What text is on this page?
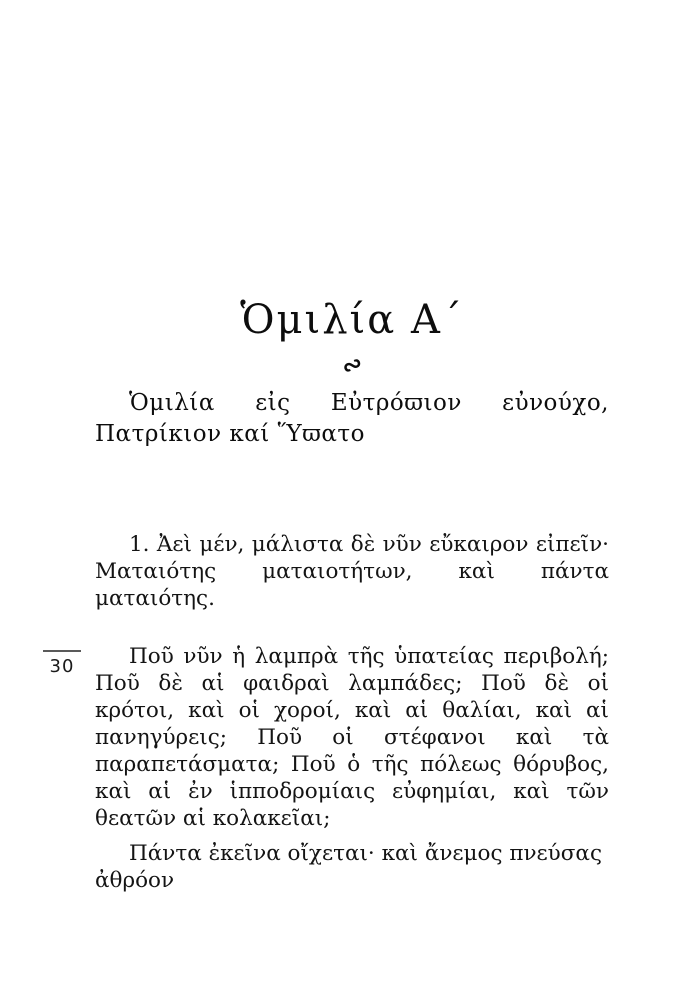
30
Ὁμιλία Α´
∾

Ὁμιλία εἰς Εὐτρόϖιον εὐνούχο, Πατρίκιον καί Ὕϖατο

1. Ἀεὶ μέν, μάλιστα δὲ νῦν εὔκαιρον εἰπεῖν· Ματαιότης ματαιοτήτων, καὶ πάντα ματαιότης.

Ποῦ νῦν ἡ λαμπρὰ τῆς ὑπατείας περιβολή; Ποῦ δὲ αἱ φαιδραὶ λαμπάδες; Ποῦ δὲ οἱ κρότοι, καὶ οἱ χοροί, καὶ αἱ θαλίαι, καὶ αἱ πανηγύρεις; Ποῦ οἱ στέφανοι καὶ τὰ παραπετάσματα; Ποῦ ὁ τῆς πόλεως θόρυβος, καὶ αἱ ἐν ἱπποδρομίαις εὐφημίαι, καὶ τῶν θεατῶν αἱ κολακεῖαι;

Πάντα ἐκεῖνα οἴχεται· καὶ ἄνεμος πνεύσας ἀθρόον
